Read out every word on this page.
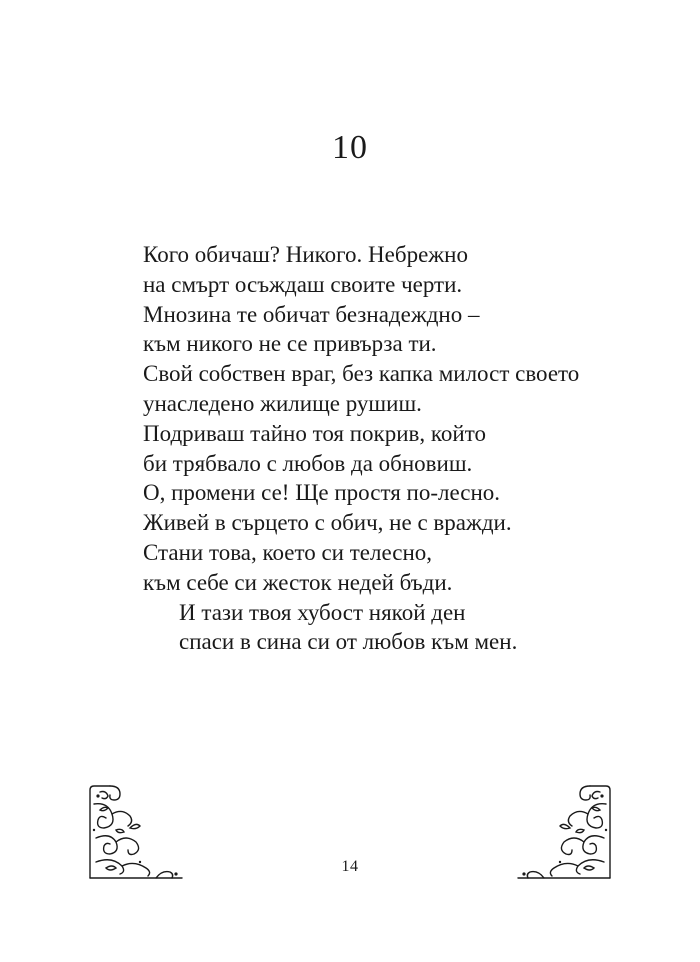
10
Кого обичаш? Никого. Небрежно
на смърт осъждаш своите черти.
Мнозина те обичат безнадеждно –
към никого не се привърза ти.
Свой собствен враг, без капка милост своето
унаследено жилище рушиш.
Подриваш тайно тоя покрив, който
би трябвало с любов да обновиш.
О, промени се! Ще простя по-лесно.
Живей в сърцето с обич, не с вражди.
Стани това, което си телесно,
към себе си жесток недей бъди.
И тази твоя хубост някой ден
спаси в сина си от любов към мен.
14
